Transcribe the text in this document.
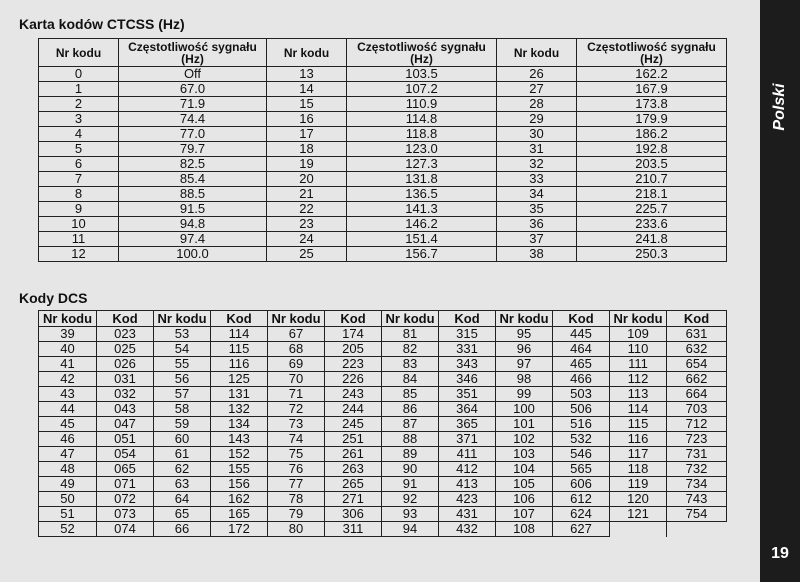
Karta kodów CTCSS (Hz)
Nr kodu	Częstotliwość sygnału (Hz)	Nr kodu	Częstotliwość sygnału (Hz)	Nr kodu	Częstotliwość sygnału (Hz)
0	Off	13	103.5	26	162.2
1	67.0	14	107.2	27	167.9
2	71.9	15	110.9	28	173.8
3	74.4	16	114.8	29	179.9
4	77.0	17	118.8	30	186.2
5	79.7	18	123.0	31	192.8
6	82.5	19	127.3	32	203.5
7	85.4	20	131.8	33	210.7
8	88.5	21	136.5	34	218.1
9	91.5	22	141.3	35	225.7
10	94.8	23	146.2	36	233.6
11	97.4	24	151.4	37	241.8
12	100.0	25	156.7	38	250.3
Kody DCS
Nr kodu	Kod	Nr kodu	Kod	Nr kodu	Kod	Nr kodu	Kod	Nr kodu	Kod	Nr kodu	Kod
39	023	53	114	67	174	81	315	95	445	109	631
40	025	54	115	68	205	82	331	96	464	110	632
41	026	55	116	69	223	83	343	97	465	111	654
42	031	56	125	70	226	84	346	98	466	112	662
43	032	57	131	71	243	85	351	99	503	113	664
44	043	58	132	72	244	86	364	100	506	114	703
45	047	59	134	73	245	87	365	101	516	115	712
46	051	60	143	74	251	88	371	102	532	116	723
47	054	61	152	75	261	89	411	103	546	117	731
48	065	62	155	76	263	90	412	104	565	118	732
49	071	63	156	77	265	91	413	105	606	119	734
50	072	64	162	78	271	92	423	106	612	120	743
51	073	65	165	79	306	93	431	107	624	121	754
52	074	66	172	80	311	94	432	108	627		
Polski
19
